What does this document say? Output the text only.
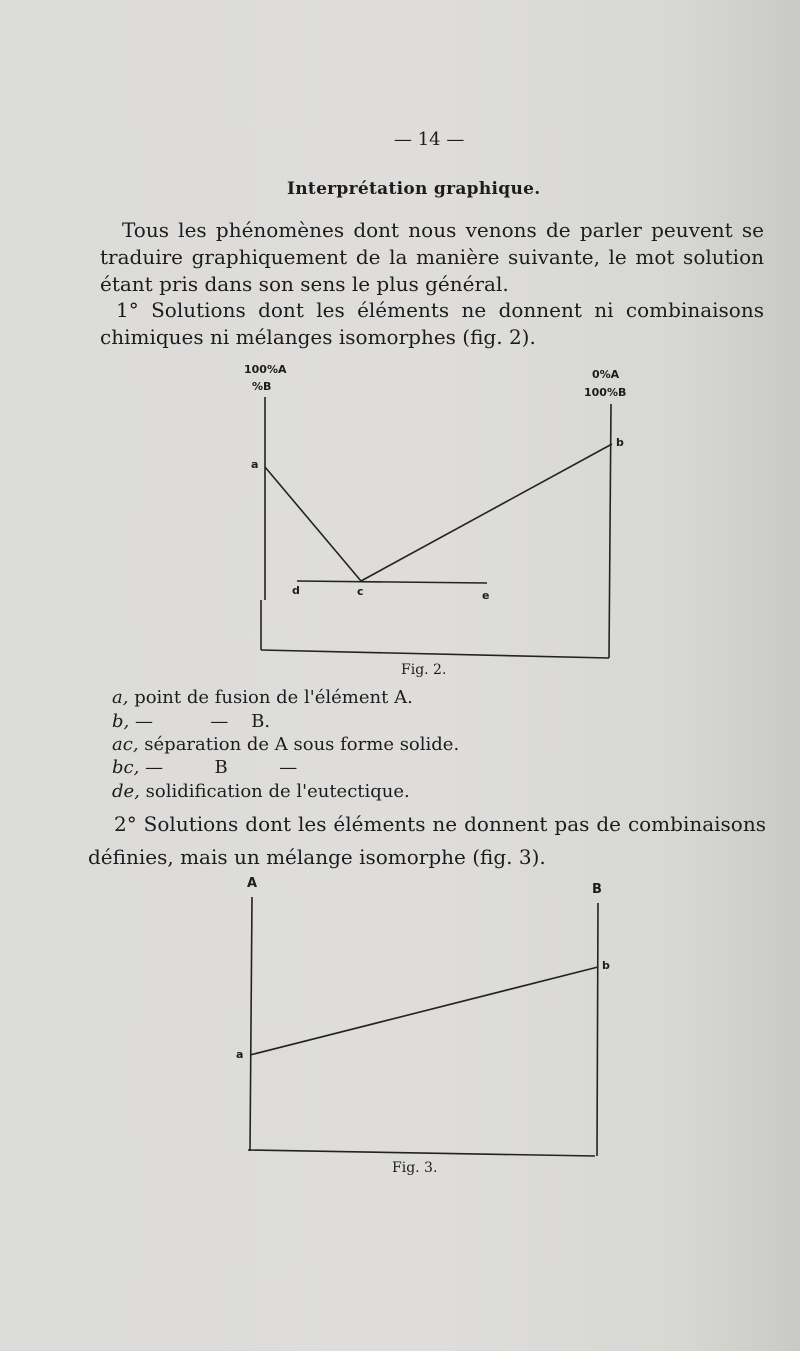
— 14 —
Interprétation graphique.
Tous les phénomènes dont nous venons de parler peuvent se
traduire graphiquement de la manière suivante, le mot solution
étant pris dans son sens le plus général.
1° Solutions dont les éléments ne donnent ni combinaisons
chimiques ni mélanges isomorphes (fig. 2).
100%A
%B
0%A
100%B
a
b
c
d	e
Fig. 2.
a, point de fusion de l'élément A.
b, —          —    B.
ac, séparation de A sous forme solide.
bc, —         B         —
de, solidification de l'eutectique.
2° Solutions dont les éléments ne donnent pas de combinaisons
définies, mais un mélange isomorphe (fig. 3).
A	B
a
b
Fig. 3.
